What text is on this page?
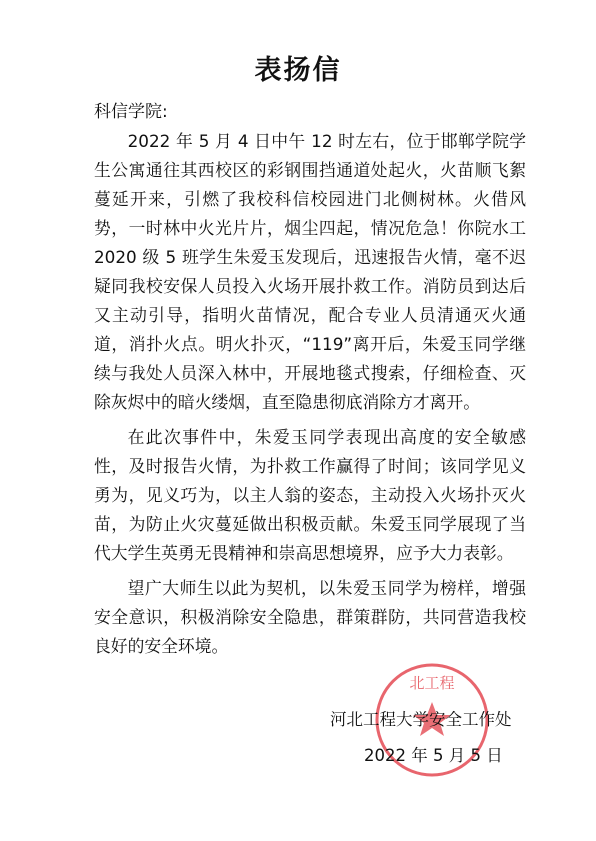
表扬信
科信学院:

2022 年 5 月 4 日中午 12 时左右，位于邯郸学院学生公寓通往其西校区的彩钢围挡通道处起火，火苗顺飞絮蔓延开来，引燃了我校科信校园进门北侧树林。火借风势，一时林中火光片片，烟尘四起，情况危急！你院水工 2020 级 5 班学生朱爱玉发现后，迅速报告火情，毫不迟疑同我校安保人员投入火场开展扑救工作。消防员到达后又主动引导，指明火苗情况，配合专业人员清通灭火通道，消扑火点。明火扑灭，“119”离开后，朱爱玉同学继续与我处人员深入林中，开展地毯式搜索，仔细检查、灭除灰烬中的暗火缕烟，直至隐患彻底消除方才离开。

在此次事件中，朱爱玉同学表现出高度的安全敏感性，及时报告火情，为扑救工作赢得了时间；该同学见义勇为，见义巧为，以主人翁的姿态，主动投入火场扑灭火苗，为防止火灾蔓延做出积极贡献。朱爱玉同学展现了当代大学生英勇无畏精神和崇高思想境界，应予大力表彰。

望广大师生以此为契机，以朱爱玉同学为榜样，增强安全意识，积极消除安全隐患，群策群防，共同营造我校良好的安全环境。

北工程
河北工程大学安全工作处
2022 年 5 月 5 日
